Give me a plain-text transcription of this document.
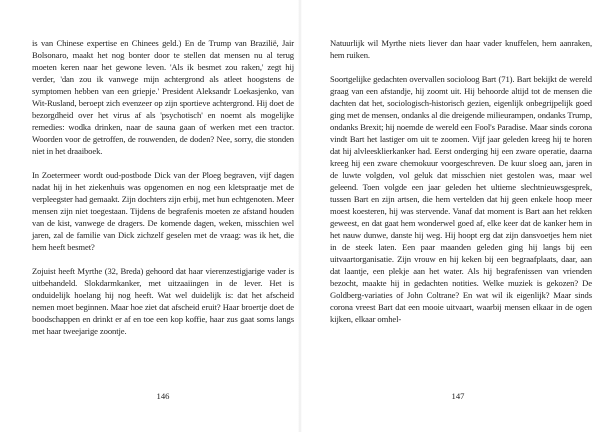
is van Chinese expertise en Chinees geld.) En de Trump van Brazilië, Jair Bolsonaro, maakt het nog bonter door te stellen dat mensen nu al terug moeten keren naar het gewone leven. 'Als ik besmet zou raken,' zegt hij verder, 'dan zou ik vanwege mijn achtergrond als atleet hoogstens de symptomen hebben van een griepje.' President Aleksandr Loekasjenko, van Wit-Rusland, beroept zich evenzeer op zijn sportieve achtergrond. Hij doet de bezorgdheid over het virus af als 'psychotisch' en noemt als mogelijke remedies: wodka drinken, naar de sauna gaan of werken met een tractor. Woorden voor de getroffen, de rouwenden, de doden? Nee, sorry, die stonden niet in het draaiboek.

In Zoetermeer wordt oud-postbode Dick van der Ploeg begraven, vijf dagen nadat hij in het ziekenhuis was opgenomen en nog een kletspraatje met de verpleegster had gemaakt. Zijn dochters zijn erbij, met hun echtgenoten. Meer mensen zijn niet toegestaan. Tijdens de begrafenis moeten ze afstand houden van de kist, vanwege de dragers. De komende dagen, weken, misschien wel jaren, zal de familie van Dick zichzelf geselen met de vraag: was ik het, die hem heeft besmet?

Zojuist heeft Myrthe (32, Breda) gehoord dat haar vierenzestigjarige vader is uitbehandeld. Slokdarmkanker, met uitzaaiingen in de lever. Het is onduidelijk hoelang hij nog heeft. Wat wel duidelijk is: dat het afscheid nemen moet beginnen. Maar hoe ziet dat afscheid eruit? Haar broertje doet de boodschappen en drinkt er af en toe een kop koffie, haar zus gaat soms langs met haar tweejarige zoontje.

146

Natuurlijk wil Myrthe niets liever dan haar vader knuffelen, hem aanraken, hem ruiken.

Soortgelijke gedachten overvallen socioloog Bart (71). Bart bekijkt de wereld graag van een afstandje, hij zoomt uit. Hij behoorde altijd tot de mensen die dachten dat het, sociologisch-historisch gezien, eigenlijk onbegrijpelijk goed ging met de mensen, ondanks al die dreigende milieurampen, ondanks Trump, ondanks Brexit; hij noemde de wereld een Fool's Paradise. Maar sinds corona vindt Bart het lastiger om uit te zoomen. Vijf jaar geleden kreeg hij te horen dat hij alvleesklierkanker had. Eerst onderging hij een zware operatie, daarna kreeg hij een zware chemokuur voorgeschreven. De kuur sloeg aan, jaren in de luwte volgden, vol geluk dat misschien niet gestolen was, maar wel geleend. Toen volgde een jaar geleden het ultieme slechtnieuwsgesprek, tussen Bart en zijn artsen, die hem vertelden dat hij geen enkele hoop meer moest koesteren, hij was stervende. Vanaf dat moment is Bart aan het rekken geweest, en dat gaat hem wonderwel goed af, elke keer dat de kanker hem in het nauw dunwe, danste hij weg. Hij hoopt erg dat zijn dansvoetjes hem niet in de steek laten. Een paar maanden geleden ging hij langs bij een uitvaartorganisatie. Zijn vrouw en hij keken bij een begraafplaats, daar, aan dat laantje, een plekje aan het water. Als hij begrafenissen van vrienden bezocht, maakte hij in gedachten notities. Welke muziek is gekozen? De Goldberg-variaties of John Coltrane? En wat wil ik eigenlijk? Maar sinds corona vreest Bart dat een mooie uitvaart, waarbij mensen elkaar in de ogen kijken, elkaar omhel-

147
